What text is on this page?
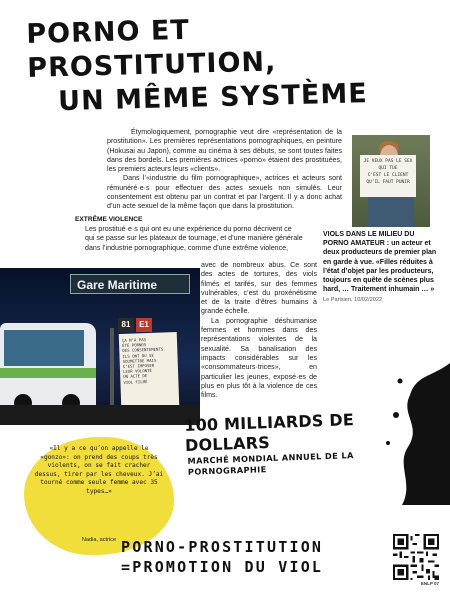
PORNO ET PROSTITUTION,
UN MÊME SYSTÈME
JE VEUX PAS LE SEX
QUI TUE
C’EST LE CLIENT
QU’IL FAUT PUNIR

Étymologiquement, pornographie veut dire «représentation de la prostitution». Les premières représentations pornographiques, en peinture (Hokusai au Japon), comme au cinéma à ses débuts, se sont toutes faites dans des bordels. Les premières actrices «porno» étaient des prostituées, les premiers acteurs leurs «clients».

Dans l’«industrie du film pornographique», actrices et acteurs sont rémunéré·e·s pour effectuer des actes sexuels non simulés. Leur consentement est obtenu par un contrat et par l’argent. Il y a donc achat d’un acte sexuel de la même façon que dans la prostitution.

EXTRÊME VIOLENCE
Les prostitué·e·s qui ont eu une expérience du porno décrivent ce
qui se passe sur les plateaux de tournage, et d’une manière générale
dans l’industrie pornographique, comme d’une extrême violence,

avec de nombreux abus. Ce sont des actes de tortures, des viols filmés et tarifés, sur des femmes vulnérables, c’est du proxénétisme et de la traite d’êtres humains à grande échelle.

La pornographie déshumanise femmes et hommes dans des représentations violentes de la sexualité. Sa banalisation des impacts considérables sur les «consommateurs·trices», en particulier les jeunes, exposé·es de plus en plus tôt à la violence de ces films.

VIOLS DANS LE MILIEU DU PORNO AMATEUR : un acteur et deux producteurs de premier plan en garde à vue. «Filles réduites à l’état d’objet par les producteurs, toujours en quête de scènes plus hard, … Traitement inhumain … »
Le Parisien, 10/02/2022
Gare Maritime
81	E1
ÇA N’A PAS
ÉTÉ PORNOS
DES CONSENTEMENTS
ILS ONT DU SE
SOUMETTRE MAIS
C’EST IMPOSER
LEUR VOLONTÉ
UN ACTE DE
VIOL FILMÉ
100 MILLIARDS DE DOLLARS
MARCHÉ MONDIAL ANNUEL DE LA PORNOGRAPHIE

«Il y a ce qu’on appelle le «gonzo»: on prend des coups très violents, on se fait cracher dessus, tirer par les cheveux. J’ai tourné comme seule femme avec 35 types…»

Nadia, actrice PORNO-PROSTITUTION
=PROMOTION DU VIOL
ENLP 07
